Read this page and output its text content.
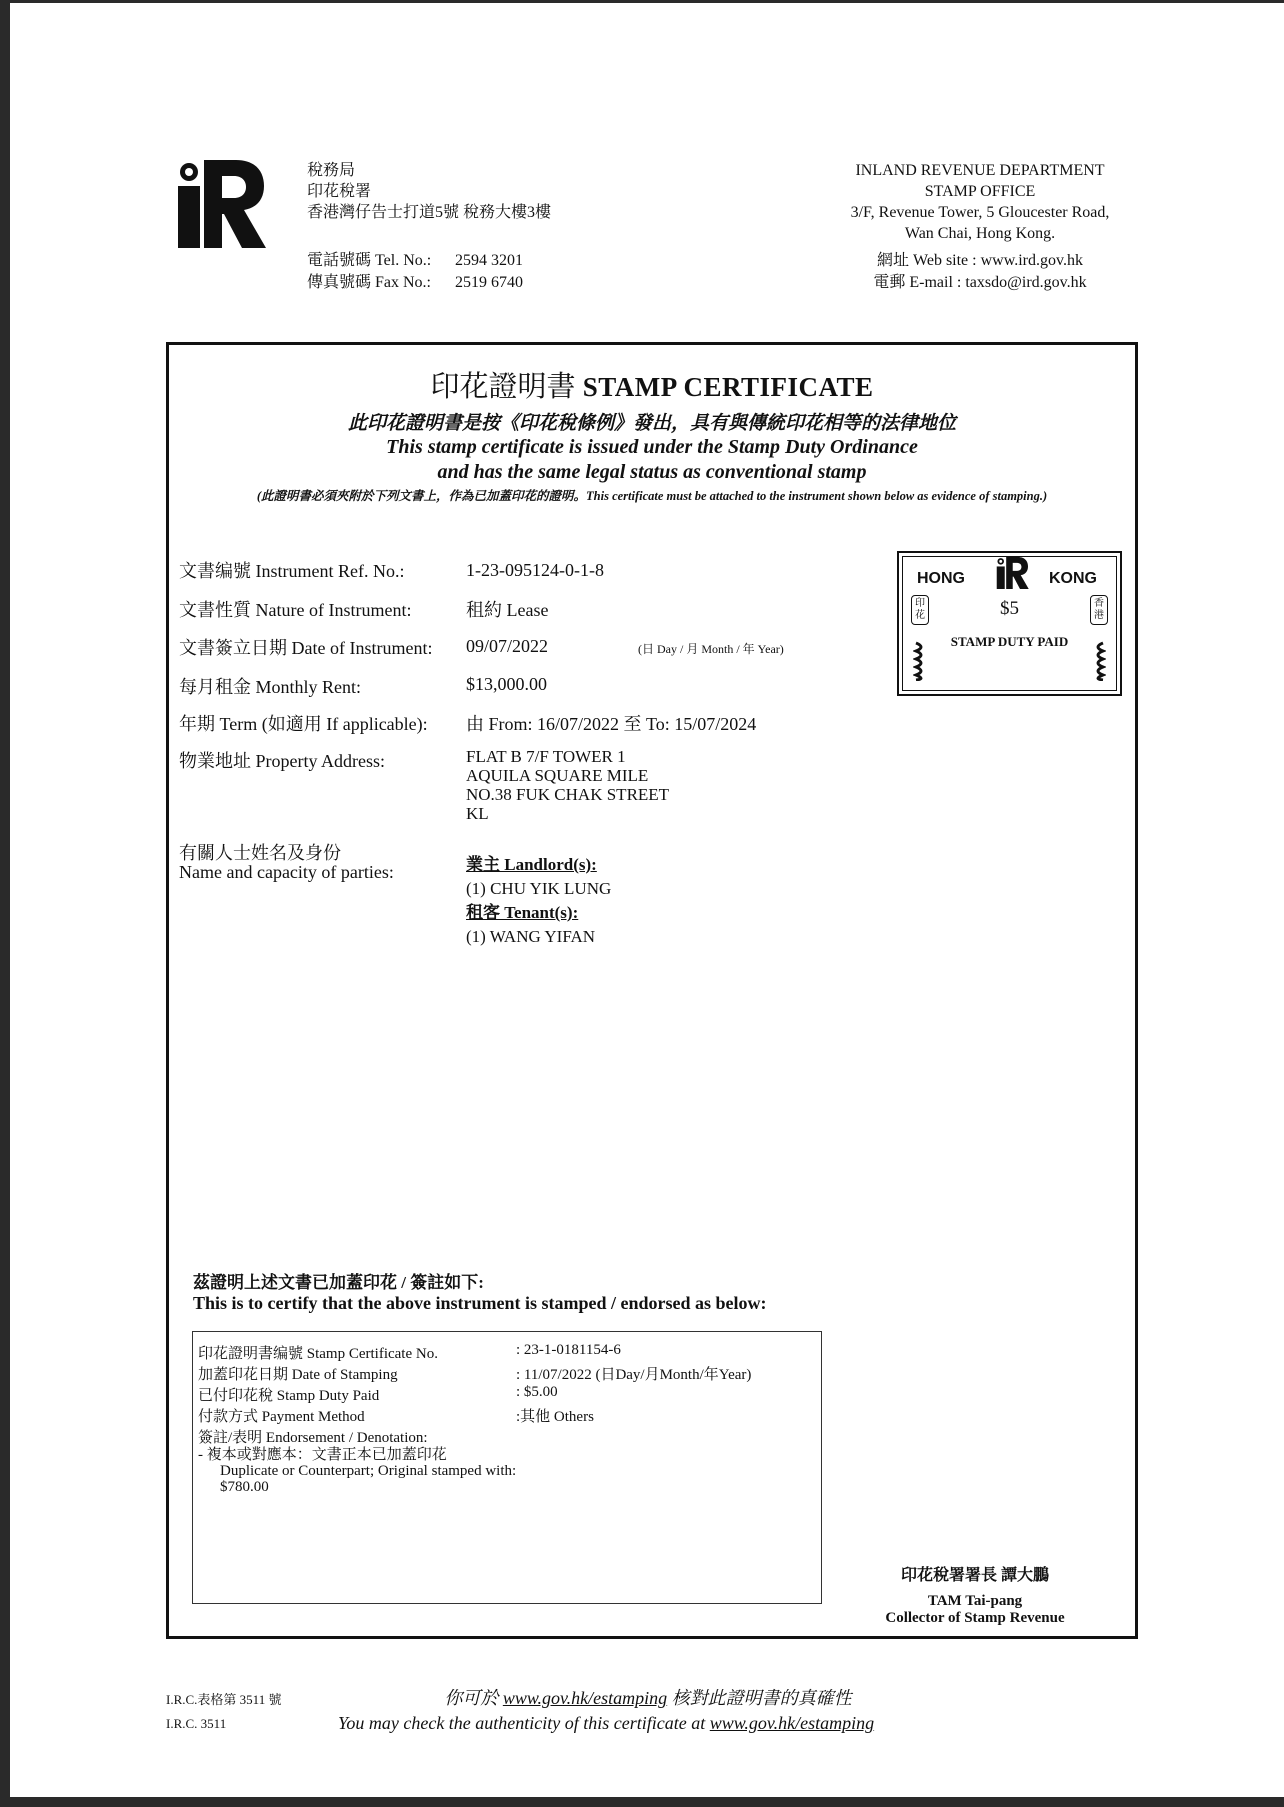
稅務局
印花稅署
香港灣仔告士打道5號 稅務大樓3樓
電話號碼 Tel. No.: 2594 3201
傳真號碼 Fax No.: 2519 6740
INLAND REVENUE DEPARTMENT
STAMP OFFICE
3/F, Revenue Tower, 5 Gloucester Road,
Wan Chai, Hong Kong.
網址 Web site : www.ird.gov.hk
電郵 E-mail : taxsdo@ird.gov.hk
印花證明書 STAMP CERTIFICATE
此印花證明書是按《印花稅條例》發出，具有與傳統印花相等的法律地位
This stamp certificate is issued under the Stamp Duty Ordinance
and has the same legal status as conventional stamp
(此證明書必須夾附於下列文書上，作為已加蓋印花的證明。This certificate must be attached to the instrument shown below as evidence of stamping.)
文書编號 Instrument Ref. No.:	1-23-095124-0-1-8
文書性質 Nature of Instrument:	租約 Lease
文書簽立日期 Date of Instrument: 09/07/2022	(日 Day / 月 Month / 年 Year)
每月租金 Monthly Rent:	$13,000.00
年期 Term (如適用 If applicable): 由 From: 16/07/2022 至 To: 15/07/2024
物業地址 Property Address:	FLAT B 7/F TOWER 1
AQUILA SQUARE MILE
NO.38 FUK CHAK STREET
KL
有關人士姓名及身份
Name and capacity of parties:	業主 Landlord(s):
(1) CHU YIK LUNG
租客 Tenant(s):
(1) WANG YIFAN
HONG	KONG
$5
STAMP DUTY PAID
印花
香港
茲證明上述文書已加蓋印花 / 簽註如下:
This is to certify that the above instrument is stamped / endorsed as below:
印花證明書编號 Stamp Certificate No.	: 23-1-0181154-6
加蓋印花日期 Date of Stamping	: 11/07/2022 (日Day/月Month/年Year)
已付印花稅 Stamp Duty Paid	: $5.00
付款方式 Payment Method	:其他 Others
簽註/表明 Endorsement / Denotation:
- 複本或對應本：文書正本已加蓋印花
Duplicate or Counterpart; Original stamped with:
$780.00
印花稅署署長 譚大鵬
TAM Tai-pang
Collector of Stamp Revenue
I.R.C.表格第 3511 號
I.R.C. 3511
你可於 www.gov.hk/estamping 核對此證明書的真確性
You may check the authenticity of this certificate at www.gov.hk/estamping
